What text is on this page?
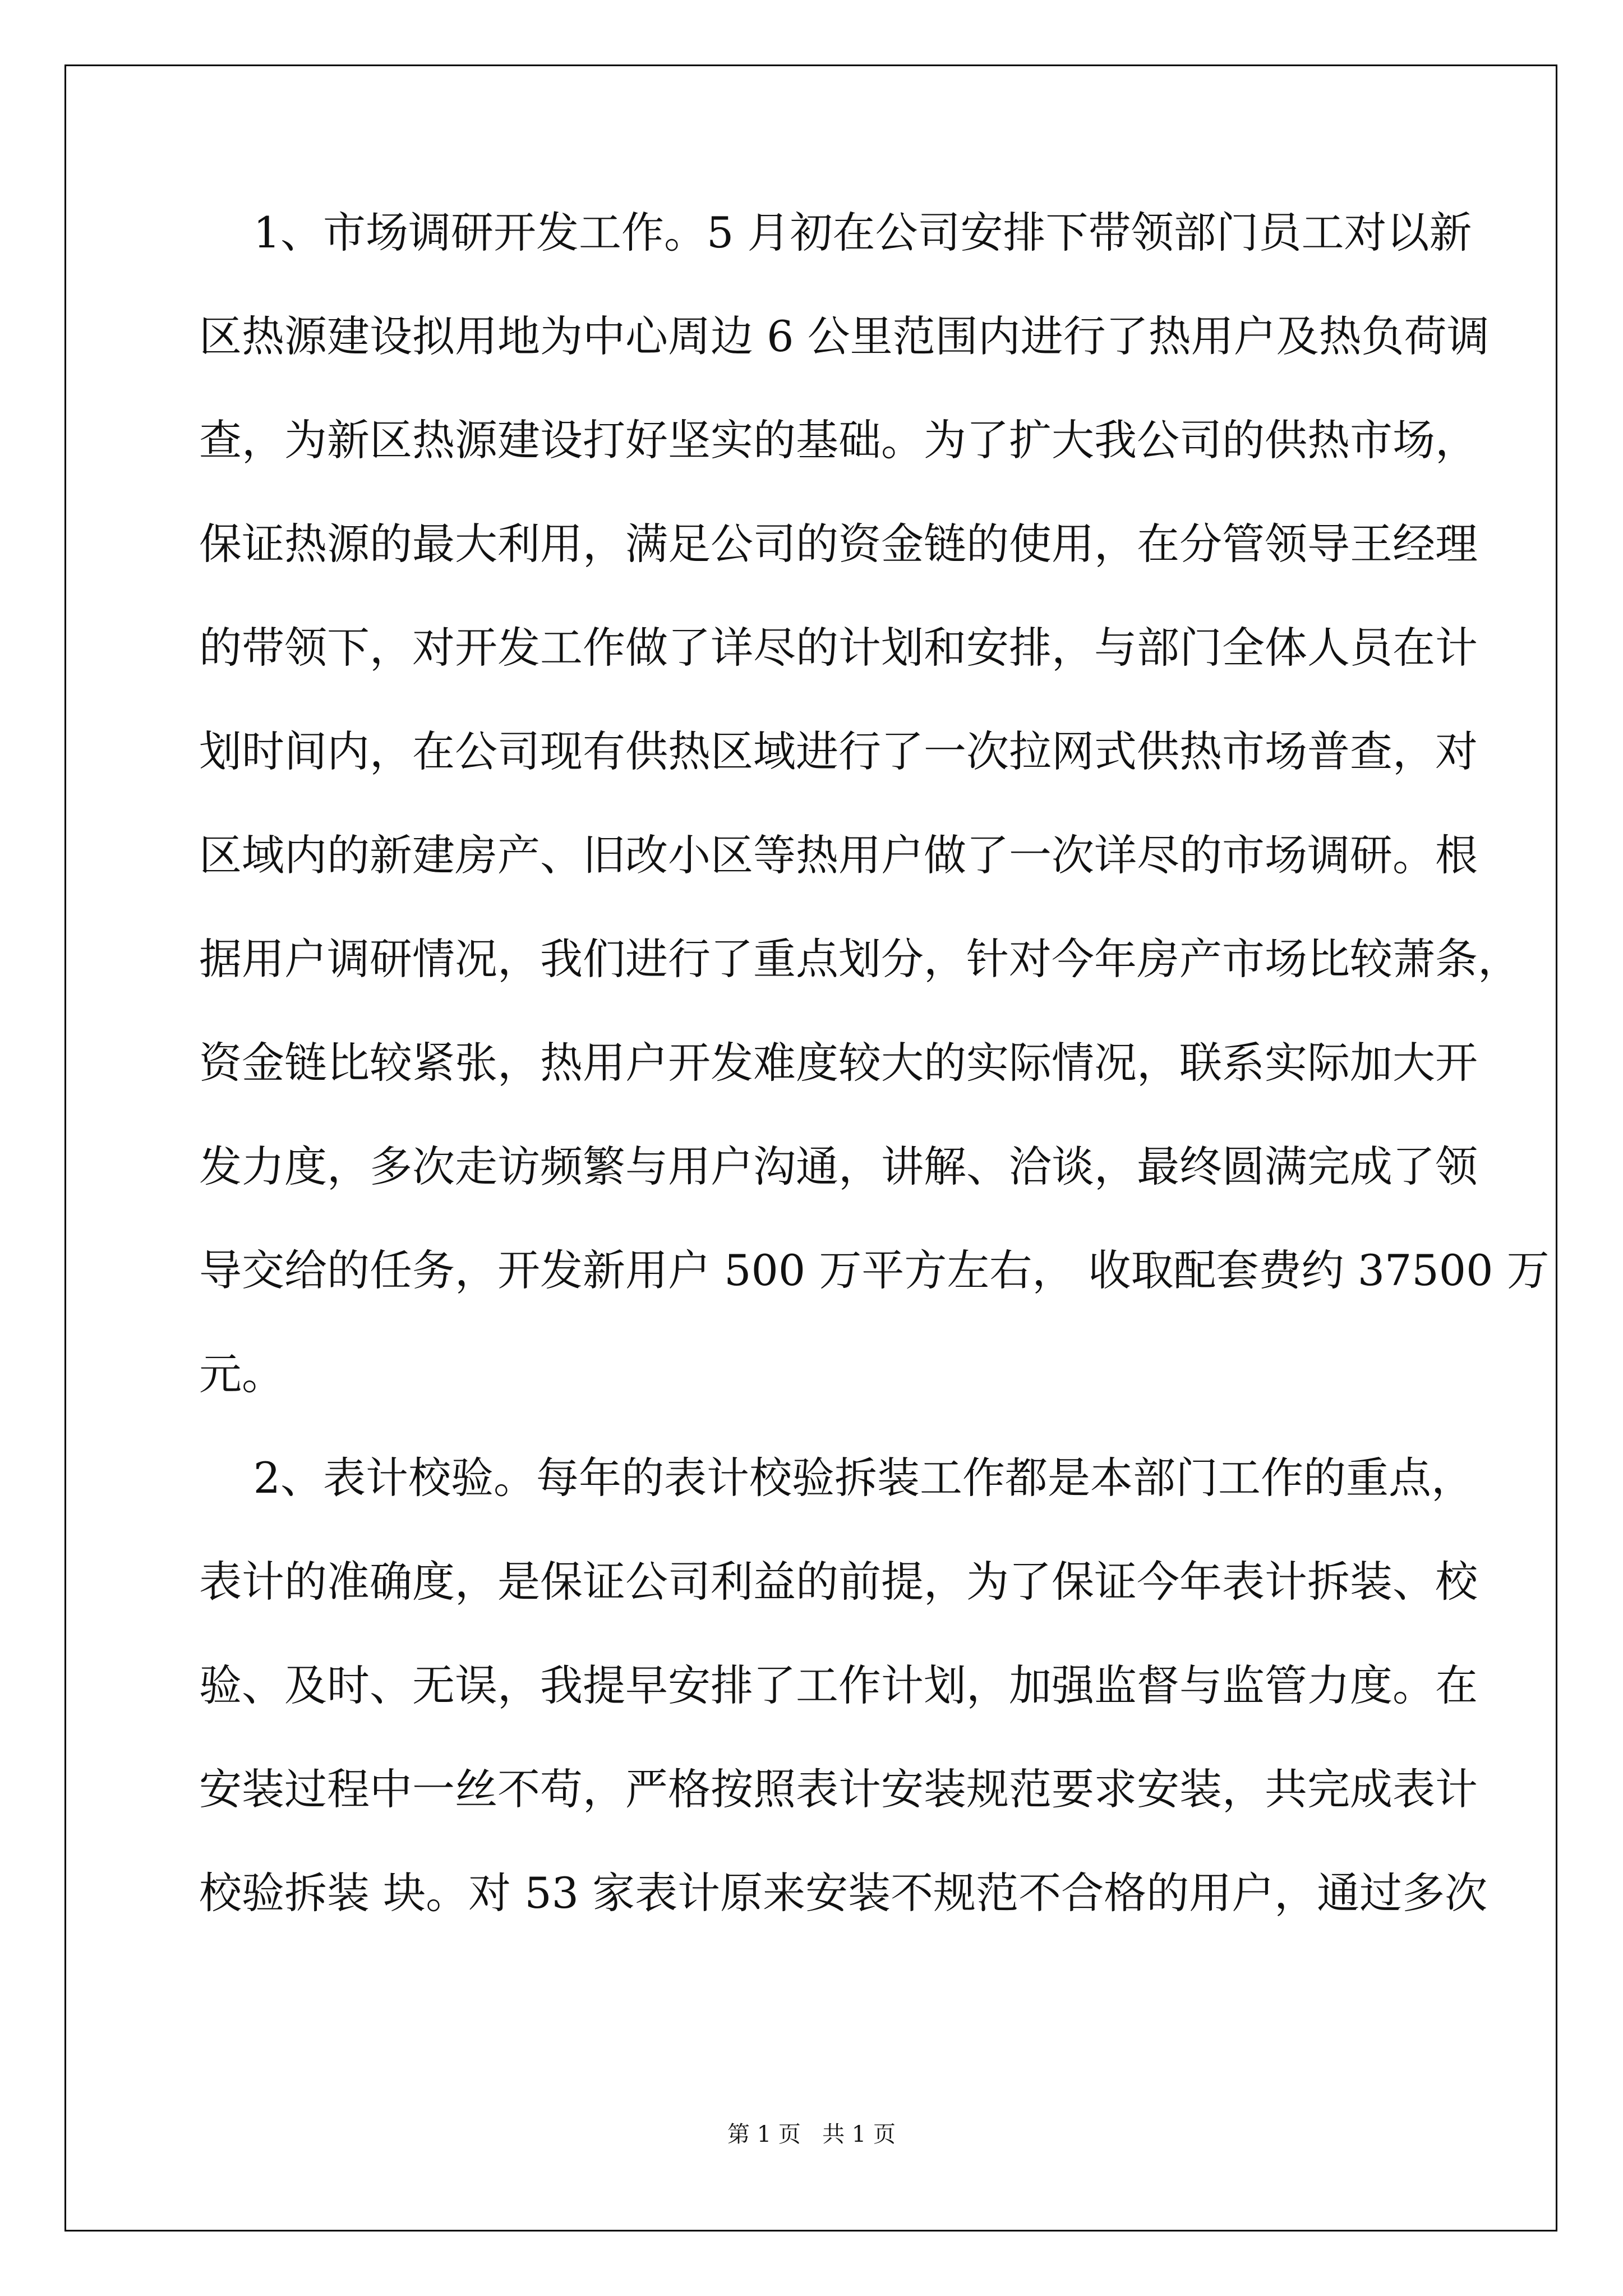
1、市场调研开发工作。5 月初在公司安排下带领部门员工对以新
区热源建设拟用地为中心周边 6 公里范围内进行了热用户及热负荷调
查，为新区热源建设打好坚实的基础。为了扩大我公司的供热市场，
保证热源的最大利用，满足公司的资金链的使用，在分管领导王经理
的带领下，对开发工作做了详尽的计划和安排，与部门全体人员在计
划时间内，在公司现有供热区域进行了一次拉网式供热市场普查，对
区域内的新建房产、旧改小区等热用户做了一次详尽的市场调研。根
据用户调研情况，我们进行了重点划分，针对今年房产市场比较萧条，
资金链比较紧张，热用户开发难度较大的实际情况，联系实际加大开
发力度，多次走访频繁与用户沟通，讲解、洽谈，最终圆满完成了领
导交给的任务，开发新用户 500 万平方左右， 收取配套费约 37500 万
元。
2、表计校验。每年的表计校验拆装工作都是本部门工作的重点，
表计的准确度，是保证公司利益的前提，为了保证今年表计拆装、校
验、及时、无误，我提早安排了工作计划，加强监督与监管力度。在
安装过程中一丝不苟，严格按照表计安装规范要求安装，共完成表计
校验拆装 块。对 53 家表计原来安装不规范不合格的用户，通过多次
第 1 页   共 1 页
